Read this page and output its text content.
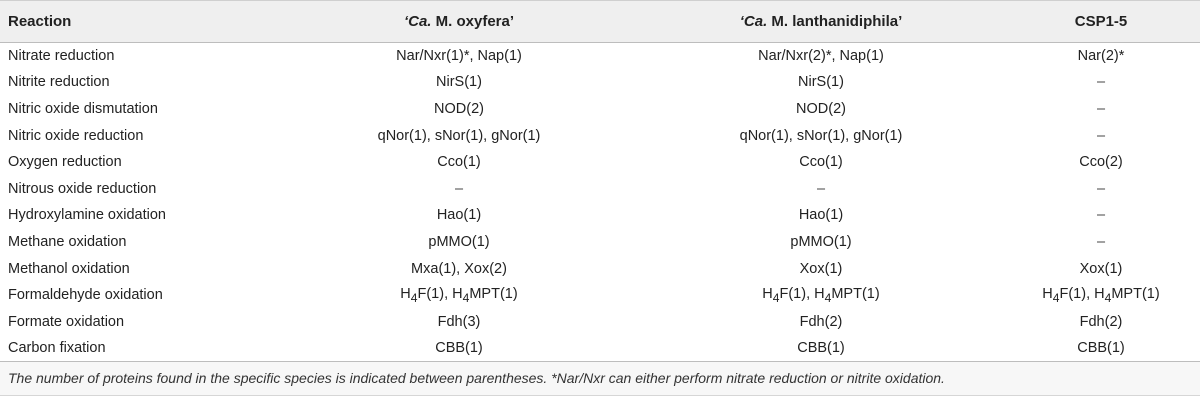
Reaction	‘Ca. M. oxyfera’	‘Ca. M. lanthanidiphila’	CSP1-5
Nitrate reduction	Nar/Nxr(1)*, Nap(1)	Nar/Nxr(2)*, Nap(1)	Nar(2)*
Nitrite reduction	NirS(1)	NirS(1)	–
Nitric oxide dismutation	NOD(2)	NOD(2)	–
Nitric oxide reduction	qNor(1), sNor(1), gNor(1)	qNor(1), sNor(1), gNor(1)	–
Oxygen reduction	Cco(1)	Cco(1)	Cco(2)
Nitrous oxide reduction	–	–	–
Hydroxylamine oxidation	Hao(1)	Hao(1)	–
Methane oxidation	pMMO(1)	pMMO(1)	–
Methanol oxidation	Mxa(1), Xox(2)	Xox(1)	Xox(1)
Formaldehyde oxidation	$H_4F(1)$, $H_4MPT(1)$	$H_4F(1)$, $H_4MPT(1)$	$H_4F(1)$, $H_4MPT(1)$
Formate oxidation	Fdh(3)	Fdh(2)	Fdh(2)
Carbon fixation	CBB(1)	CBB(1)	CBB(1)
The number of proteins found in the specific species is indicated between parentheses. *Nar/Nxr can either perform nitrate reduction or nitrite oxidation.
